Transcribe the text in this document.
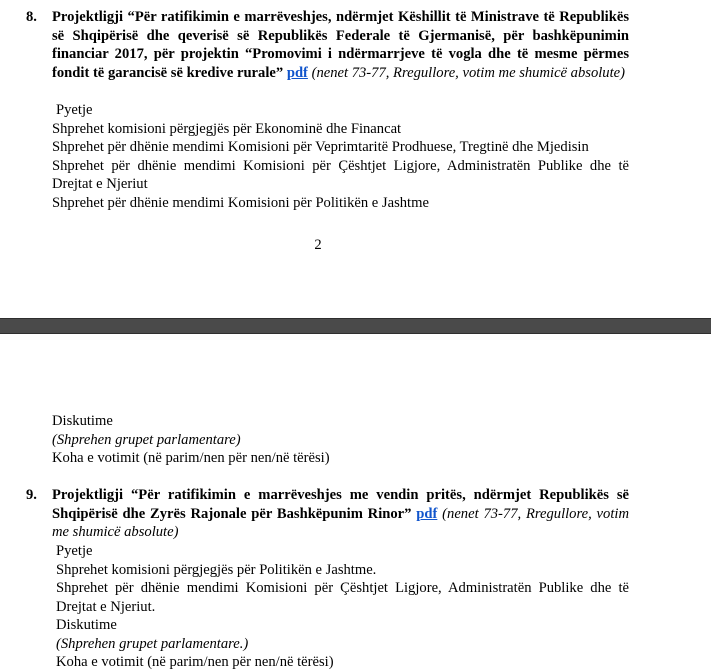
8. Projektligji “Për ratifikimin e marrëveshjes, ndërmjet Këshillit të Ministrave të Republikës së Shqipërisë dhe qeverisë së Republikës Federale të Gjermanisë, për bashkëpunimin financiar 2017, për projektin “Promovimi i ndërmarrjeve të vogla dhe të mesme përmes fondit të garancisë së kredive rurale” pdf (nenet 73-77, Rregullore, votim me shumicë absolute)
Pyetje
Shprehet komisioni përgjegjës për Ekonominë dhe Financat
Shprehet për dhënie mendimi Komisioni për Veprimtaritë Prodhuese, Tregtinë dhe Mjedisin
Shprehet për dhënie mendimi Komisioni për Çështjet Ligjore, Administratën Publike dhe të Drejtat e Njeriut
Shprehet për dhënie mendimi Komisioni për Politikën e Jashtme
2
Diskutime
(Shprehen grupet parlamentare)
Koha e votimit (në parim/nen për nen/në tërësi)
9. Projektligji “Për ratifikimin e marrëveshjes me vendin pritës, ndërmjet Republikës së Shqipërisë dhe Zyrës Rajonale për Bashkëpunim Rinor” pdf (nenet 73-77, Rregullore, votim me shumicë absolute)
Pyetje
Shprehet komisioni përgjegjës për Politikën e Jashtme.
Shprehet për dhënie mendimi Komisioni për Çështjet Ligjore, Administratën Publike dhe të Drejtat e Njeriut.
Diskutime
(Shprehen grupet parlamentare.)
Koha e votimit (në parim/nen për nen/në tërësi)
